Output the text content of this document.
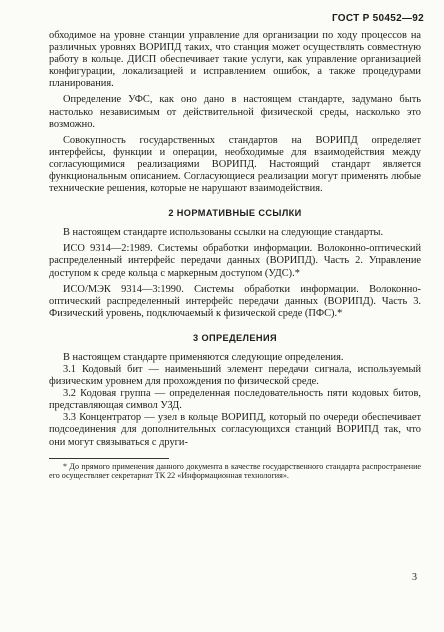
ГОСТ Р 50452—92

обходимое на уровне станции управление для организации по ходу процессов на различных уровнях ВОРИПД таких, что станция может осуществлять совместную работу в кольце. ДИСП обеспечивает такие услуги, как управление организацией конфигурации, локализацией и исправлением ошибок, а также процедурами планирования.

Определение УФС, как оно дано в настоящем стандарте, задумано быть настолько независимым от действительной физической среды, насколько это возможно.

Совокупность государственных стандартов на ВОРИПД определяет интерфейсы, функции и операции, необходимые для взаимодействия между согласующимися реализациями ВОРИПД. Настоящий стандарт является функциональным описанием. Согласующиеся реализации могут применять любые технические решения, которые не нарушают взаимодействия.

2 НОРМАТИВНЫЕ ССЫЛКИ

В настоящем стандарте использованы ссылки на следующие стандарты.

ИСО 9314—2:1989. Системы обработки информации. Волоконно-оптический распределенный интерфейс передачи данных (ВОРИПД). Часть 2. Управление доступом к среде кольца с маркерным доступом (УДС).*

ИСО/МЭК 9314—3:1990. Системы обработки информации. Волоконно-оптический распределенный интерфейс передачи данных (ВОРИПД). Часть 3. Физический уровень, подключаемый к физической среде (ПФС).*

3 ОПРЕДЕЛЕНИЯ

В настоящем стандарте применяются следующие определения.

3.1 Кодовый бит — наименьший элемент передачи сигнала, используемый физическим уровнем для прохождения по физической среде.

3.2 Кодовая группа — определенная последовательность пяти кодовых битов, представляющая символ УЗД.

3.3 Концентратор — узел в кольце ВОРИПД, который по очереди обеспечивает подсоединения для дополнительных согласующихся станций ВОРИПД так, что они могут связываться с други-

* До прямого применения данного документа в качестве государственного стандарта распространение его осуществляет секретариат ТК 22 «Информационная технология».

3
